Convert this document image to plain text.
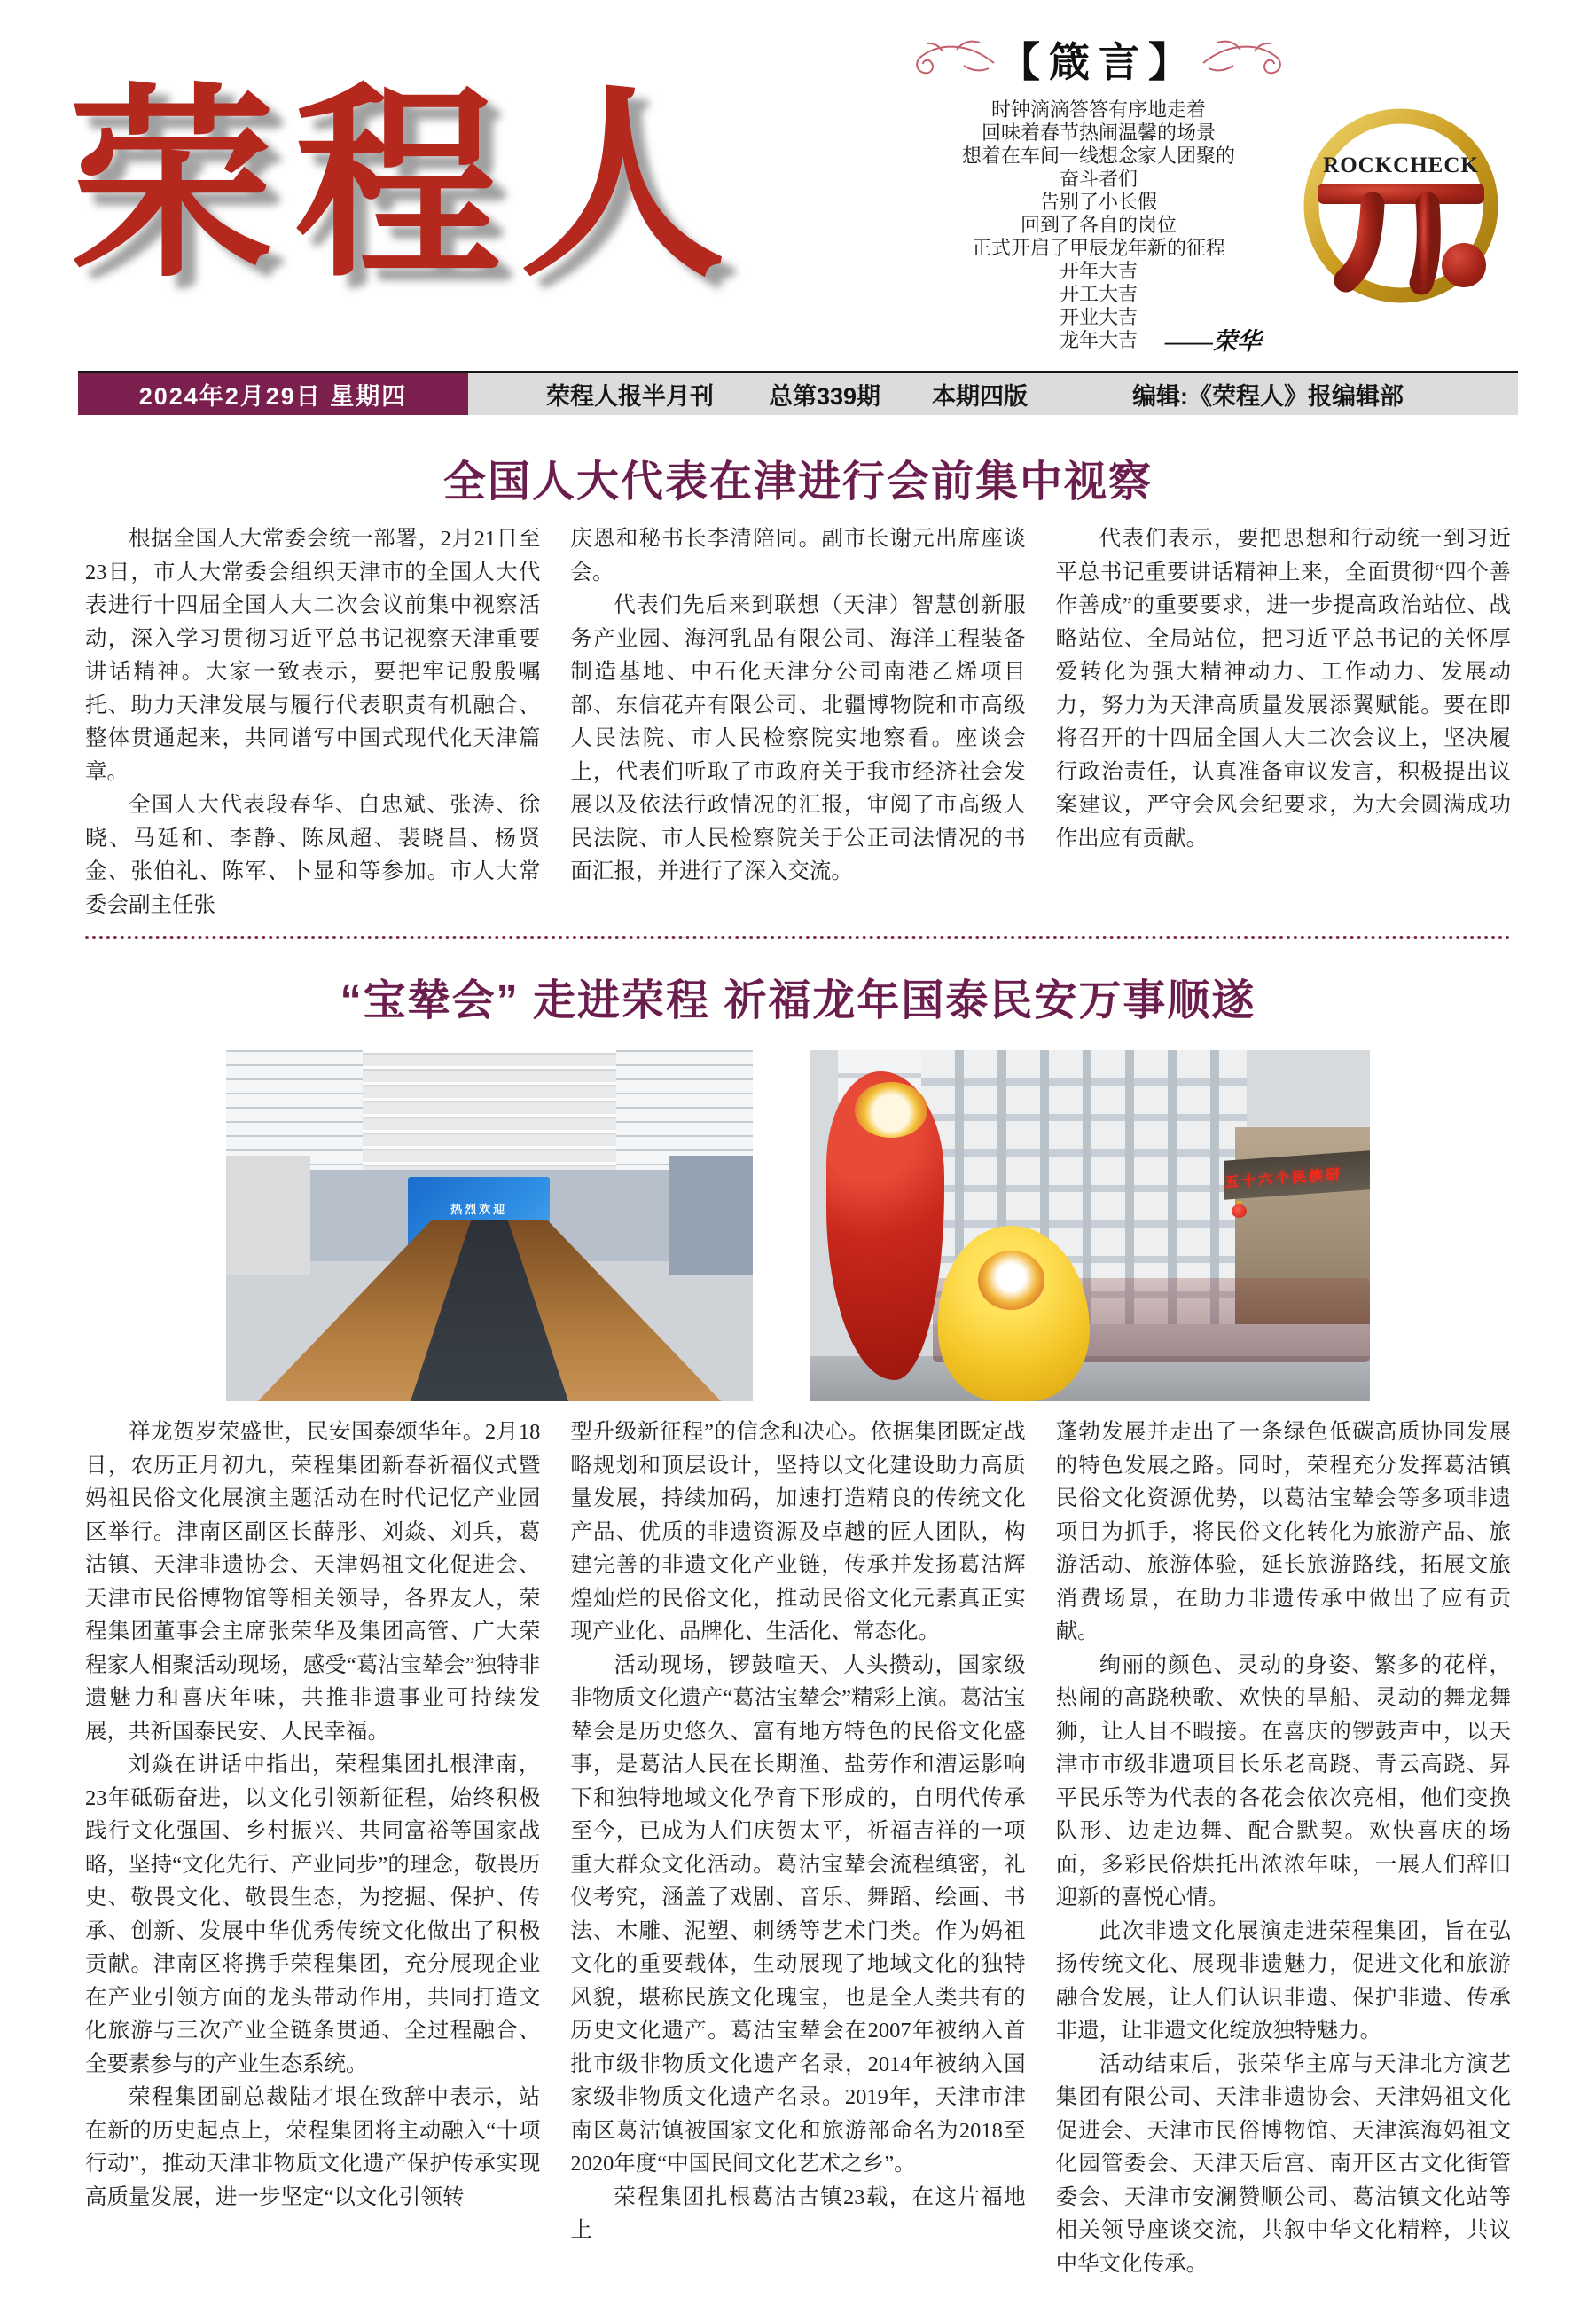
荣程人
【箴言】
时钟滴滴答答有序地走着
回味着春节热闹温馨的场景
想着在车间一线想念家人团聚的
奋斗者们
告别了小长假
回到了各自的岗位
正式开启了甲辰龙年新的征程
开年大吉
开工大吉
开业大吉
龙年大吉	——荣华
ROCKCHECK
2024年2月29日 星期四	荣程人报半月刊 总第339期 本期四版	编辑:《荣程人》报编辑部
全国人大代表在津进行会前集中视察

根据全国人大常委会统一部署，2月21日至23日，市人大常委会组织天津市的全国人大代表进行十四届全国人大二次会议前集中视察活动，深入学习贯彻习近平总书记视察天津重要讲话精神。大家一致表示，要把牢记殷殷嘱托、助力天津发展与履行代表职责有机融合、整体贯通起来，共同谱写中国式现代化天津篇章。

全国人大代表段春华、白忠斌、张涛、徐晓、马延和、李静、陈凤超、裴晓昌、杨贤金、张伯礼、陈军、卜显和等参加。市人大常委会副主任张

庆恩和秘书长李清陪同。副市长谢元出席座谈会。

代表们先后来到联想（天津）智慧创新服务产业园、海河乳品有限公司、海洋工程装备制造基地、中石化天津分公司南港乙烯项目部、东信花卉有限公司、北疆博物院和市高级人民法院、市人民检察院实地察看。座谈会上，代表们听取了市政府关于我市经济社会发展以及依法行政情况的汇报，审阅了市高级人民法院、市人民检察院关于公正司法情况的书面汇报，并进行了深入交流。

代表们表示，要把思想和行动统一到习近平总书记重要讲话精神上来，全面贯彻“四个善作善成”的重要要求，进一步提高政治站位、战略站位、全局站位，把习近平总书记的关怀厚爱转化为强大精神动力、工作动力、发展动力，努力为天津高质量发展添翼赋能。要在即将召开的十四届全国人大二次会议上，坚决履行政治责任，认真准备审议发言，积极提出议案建议，严守会风会纪要求，为大会圆满成功作出应有贡献。

“宝辇会” 走进荣程 祈福龙年国泰民安万事顺遂
热烈欢迎
五十六个民族研

祥龙贺岁荣盛世，民安国泰颂华年。2月18日，农历正月初九，荣程集团新春祈福仪式暨妈祖民俗文化展演主题活动在时代记忆产业园区举行。津南区副区长薛彤、刘焱、刘兵，葛沽镇、天津非遗协会、天津妈祖文化促进会、天津市民俗博物馆等相关领导，各界友人，荣程集团董事会主席张荣华及集团高管、广大荣程家人相聚活动现场，感受“葛沽宝辇会”独特非遗魅力和喜庆年味，共推非遗事业可持续发展，共祈国泰民安、人民幸福。

刘焱在讲话中指出，荣程集团扎根津南，23年砥砺奋进，以文化引领新征程，始终积极践行文化强国、乡村振兴、共同富裕等国家战略，坚持“文化先行、产业同步”的理念，敬畏历史、敬畏文化、敬畏生态，为挖掘、保护、传承、创新、发展中华优秀传统文化做出了积极贡献。津南区将携手荣程集团，充分展现企业在产业引领方面的龙头带动作用，共同打造文化旅游与三次产业全链条贯通、全过程融合、全要素参与的产业生态系统。

荣程集团副总裁陆才垠在致辞中表示，站在新的历史起点上，荣程集团将主动融入“十项行动”，推动天津非物质文化遗产保护传承实现高质量发展，进一步坚定“以文化引领转

型升级新征程”的信念和决心。依据集团既定战略规划和顶层设计，坚持以文化建设助力高质量发展，持续加码，加速打造精良的传统文化产品、优质的非遗资源及卓越的匠人团队，构建完善的非遗文化产业链，传承并发扬葛沽辉煌灿烂的民俗文化，推动民俗文化元素真正实现产业化、品牌化、生活化、常态化。

活动现场，锣鼓喧天、人头攒动，国家级非物质文化遗产“葛沽宝辇会”精彩上演。葛沽宝辇会是历史悠久、富有地方特色的民俗文化盛事，是葛沽人民在长期渔、盐劳作和漕运影响下和独特地域文化孕育下形成的，自明代传承至今，已成为人们庆贺太平，祈福吉祥的一项重大群众文化活动。葛沽宝辇会流程缜密，礼仪考究，涵盖了戏剧、音乐、舞蹈、绘画、书法、木雕、泥塑、刺绣等艺术门类。作为妈祖文化的重要载体，生动展现了地域文化的独特风貌，堪称民族文化瑰宝，也是全人类共有的历史文化遗产。葛沽宝辇会在2007年被纳入首批市级非物质文化遗产名录，2014年被纳入国家级非物质文化遗产名录。2019年，天津市津南区葛沽镇被国家文化和旅游部命名为2018至2020年度“中国民间文化艺术之乡”。

荣程集团扎根葛沽古镇23载，在这片福地上

蓬勃发展并走出了一条绿色低碳高质协同发展的特色发展之路。同时，荣程充分发挥葛沽镇民俗文化资源优势，以葛沽宝辇会等多项非遗项目为抓手，将民俗文化转化为旅游产品、旅游活动、旅游体验，延长旅游路线，拓展文旅消费场景，在助力非遗传承中做出了应有贡献。

绚丽的颜色、灵动的身姿、繁多的花样，热闹的高跷秧歌、欢快的旱船、灵动的舞龙舞狮，让人目不暇接。在喜庆的锣鼓声中，以天津市市级非遗项目长乐老高跷、青云高跷、昇平民乐等为代表的各花会依次亮相，他们变换队形、边走边舞、配合默契。欢快喜庆的场面，多彩民俗烘托出浓浓年味，一展人们辞旧迎新的喜悦心情。

此次非遗文化展演走进荣程集团，旨在弘扬传统文化、展现非遗魅力，促进文化和旅游融合发展，让人们认识非遗、保护非遗、传承非遗，让非遗文化绽放独特魅力。

活动结束后，张荣华主席与天津北方演艺集团有限公司、天津非遗协会、天津妈祖文化促进会、天津市民俗博物馆、天津滨海妈祖文化园管委会、天津天后宫、南开区古文化街管委会、天津市安澜赞顺公司、葛沽镇文化站等相关领导座谈交流，共叙中华文化精粹，共议中华文化传承。
